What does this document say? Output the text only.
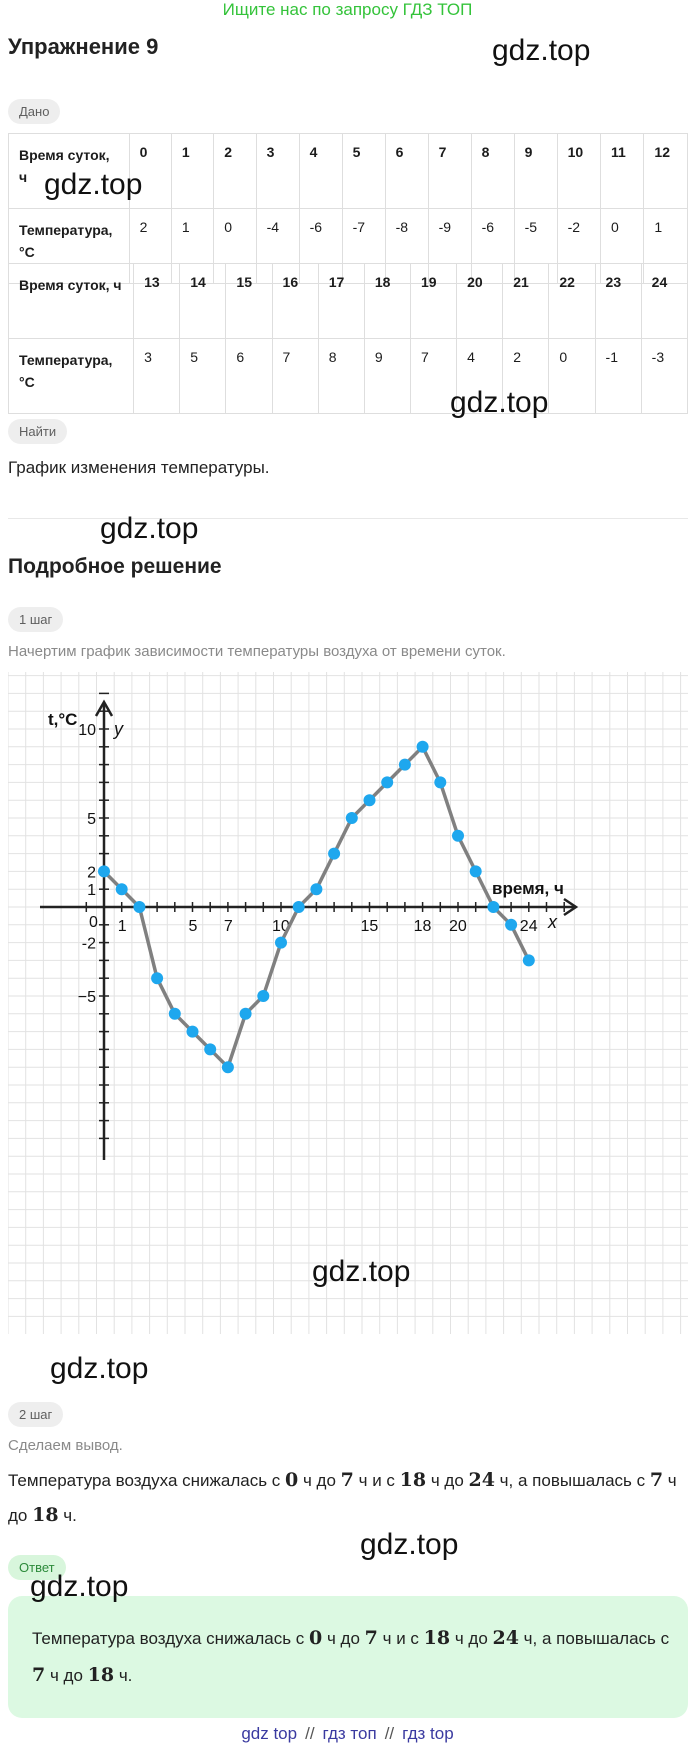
Ищите нас по запросу ГДЗ ТОП
Упражнение 9	gdz.top
Дано
Время суток, ч	0	1	2	3	4	5	6	7	8	9	10	11	12
Температура, °C	2	1	0	-4	-6	-7	-8	-9	-6	-5	-2	0	1
gdz.top
Время суток, ч	13	14	15	16	17	18	19	20	21	22	23	24
Температура, °C	3	5	6	7	8	9	7	4	2	0	-1	-3
gdz.top
Найти
График изменения температуры.
gdz.top
Подробное решение
1 шаг
Начертим график зависимости температуры воздуха от времени суток.
1	5 7 10	15 18 20	24
10
5
2
1
-2
−5
0
t,°C y
время, ч
x
gdz.top
gdz.top
2 шаг
Сделаем вывод.
Температура воздуха снижалась с 0 ч до 7 ч и с 18 ч до 24 ч, а повышалась с 7 ч до 18 ч.
gdz.top
Ответ
gdz.top
Температура воздуха снижалась с 0 ч до 7 ч и с 18 ч до 24 ч, а повышалась с 7 ч до 18 ч.
gdz top // гдз топ // гдз top
